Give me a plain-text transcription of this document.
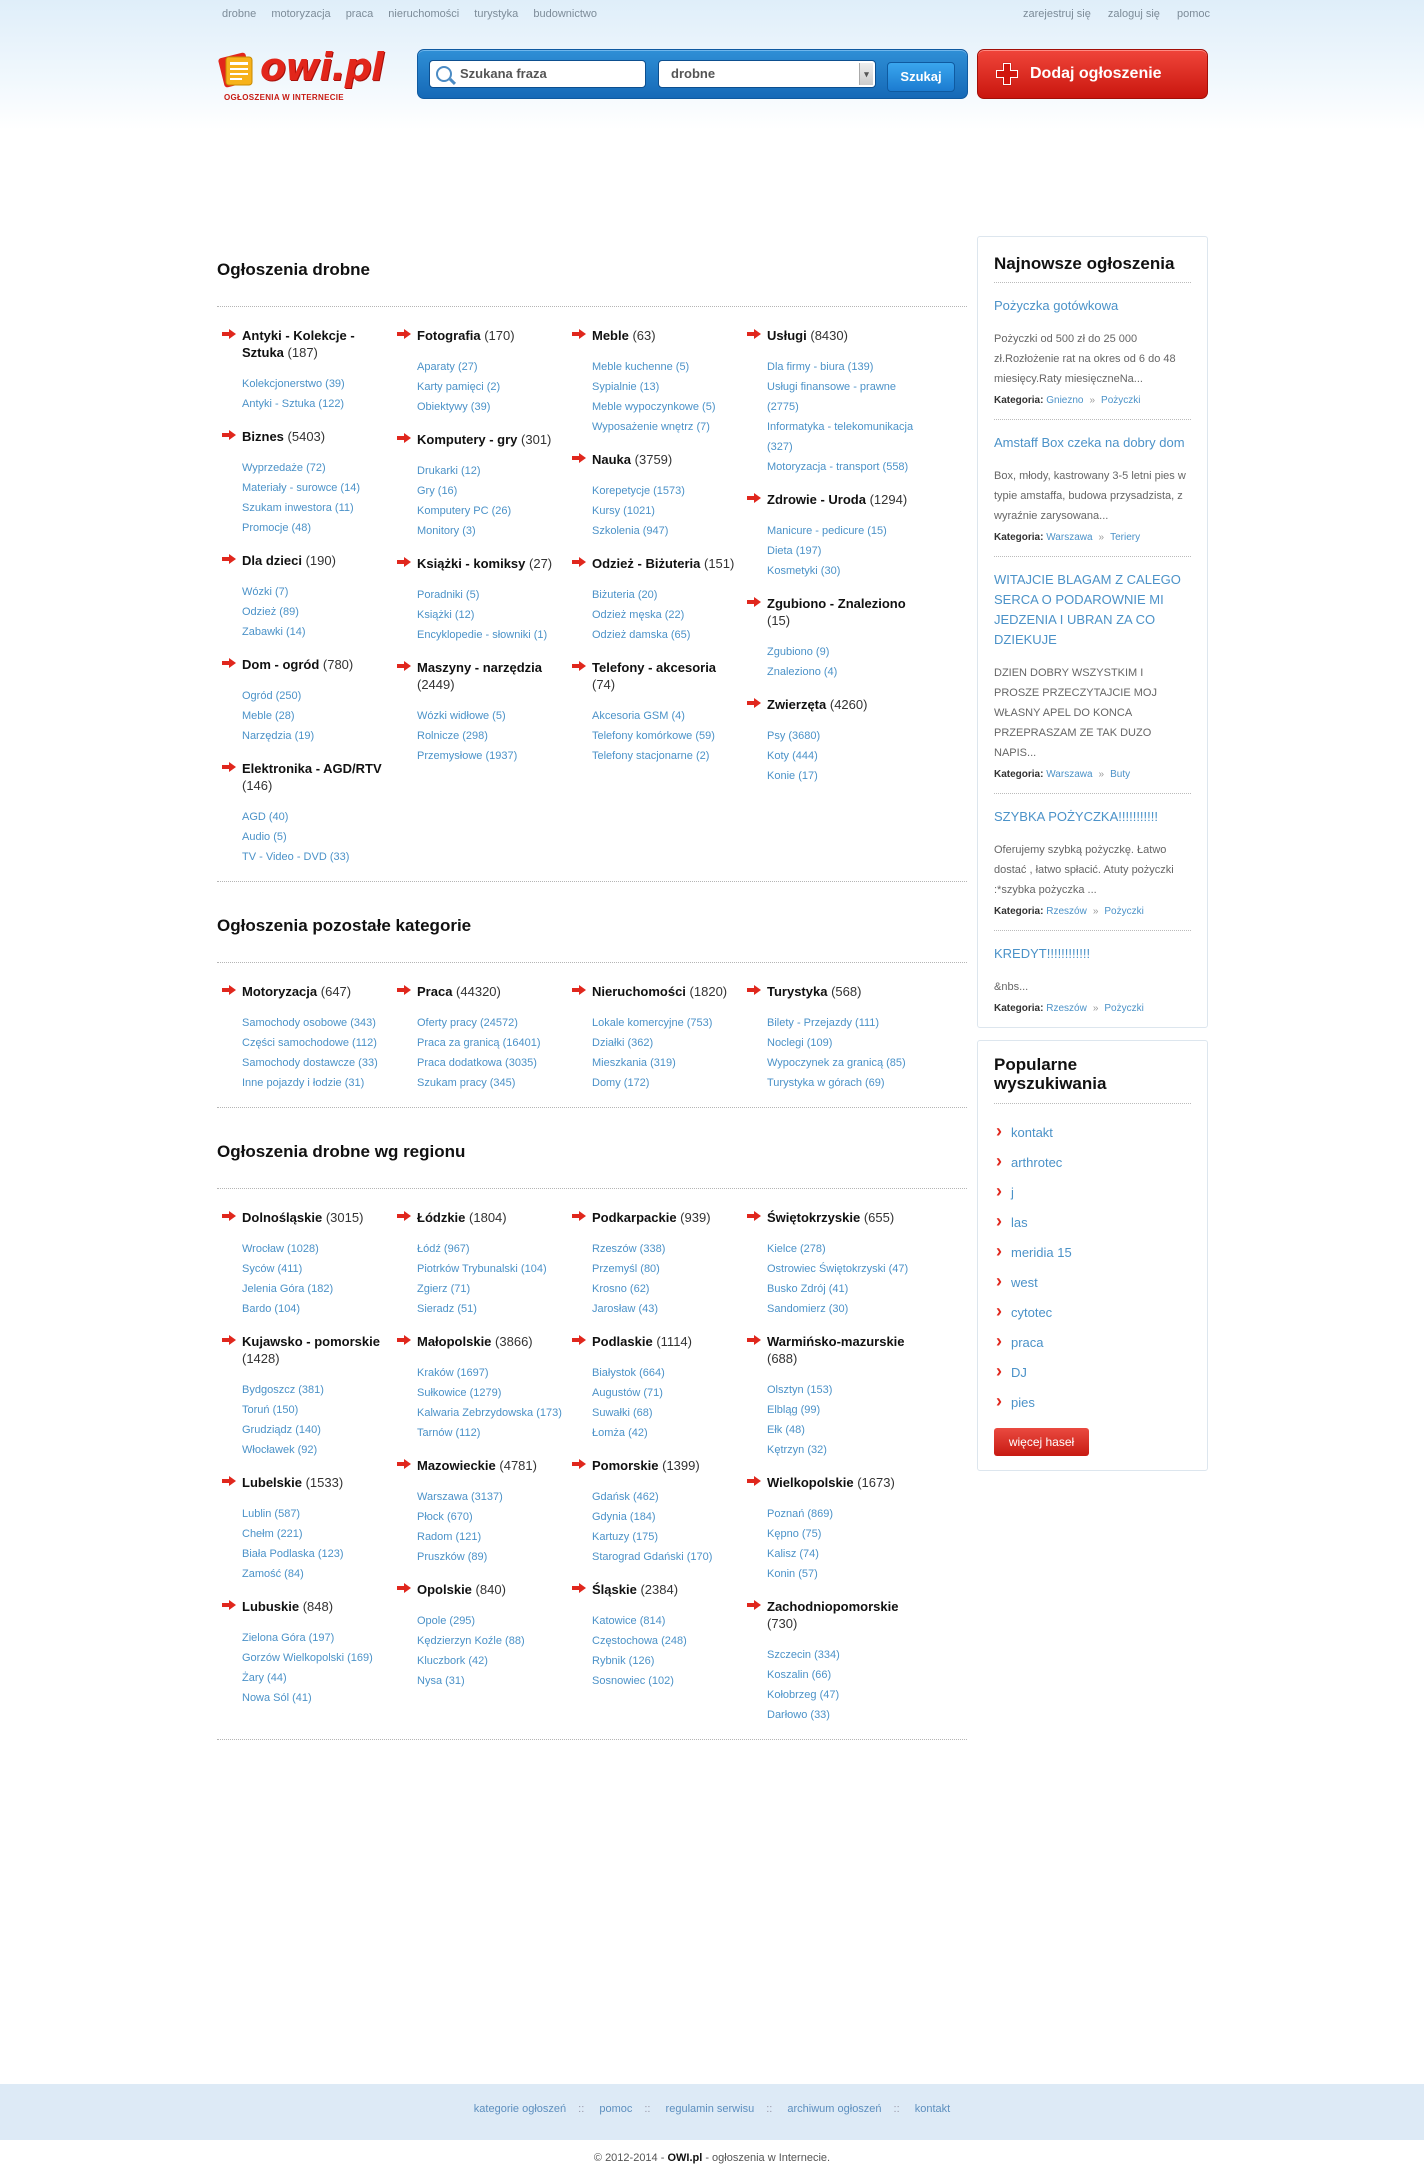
drobne motoryzacja praca nieruchomości turystyka budownictwo	zarejestruj się zaloguj się pomoc
owi.pl
OGŁOSZENIA W INTERNECIE
Szukana fraza	drobne	▾	Szukaj	Dodaj ogłoszenie
Ogłoszenia drobne
Antyki - Kolekcje - Sztuka (187)
Kolekcjonerstwo (39)
Antyki - Sztuka (122)
Biznes (5403)
Wyprzedaże (72)
Materiały - surowce (14)
Szukam inwestora (11)
Promocje (48)
Dla dzieci (190)
Wózki (7)
Odzież (89)
Zabawki (14)
Dom - ogród (780)
Ogród (250)
Meble (28)
Narzędzia (19)
Elektronika - AGD/RTV (146)
AGD (40)
Audio (5)
TV - Video - DVD (33)
Fotografia (170)
Aparaty (27)
Karty pamięci (2)
Obiektywy (39)
Komputery - gry (301)
Drukarki (12)
Gry (16)
Komputery PC (26)
Monitory (3)
Książki - komiksy (27)
Poradniki (5)
Książki (12)
Encyklopedie - słowniki (1)
Maszyny - narzędzia (2449)
Wózki widłowe (5)
Rolnicze (298)
Przemysłowe (1937)
Meble (63)
Meble kuchenne (5)
Sypialnie (13)
Meble wypoczynkowe (5)
Wyposażenie wnętrz (7)
Nauka (3759)
Korepetycje (1573)
Kursy (1021)
Szkolenia (947)
Odzież - Biżuteria (151)
Biżuteria (20)
Odzież męska (22)
Odzież damska (65)
Telefony - akcesoria (74)
Akcesoria GSM (4)
Telefony komórkowe (59)
Telefony stacjonarne (2)
Usługi (8430)
Dla firmy - biura (139)
Usługi finansowe - prawne (2775)
Informatyka - telekomunikacja (327)
Motoryzacja - transport (558)
Zdrowie - Uroda (1294)
Manicure - pedicure (15)
Dieta (197)
Kosmetyki (30)
Zgubiono - Znaleziono (15)
Zgubiono (9)
Znaleziono (4)
Zwierzęta (4260)
Psy (3680)
Koty (444)
Konie (17)
Ogłoszenia pozostałe kategorie
Motoryzacja (647)
Samochody osobowe (343)
Części samochodowe (112)
Samochody dostawcze (33)
Inne pojazdy i łodzie (31)
Praca (44320)
Oferty pracy (24572)
Praca za granicą (16401)
Praca dodatkowa (3035)
Szukam pracy (345)
Nieruchomości (1820)
Lokale komercyjne (753)
Działki (362)
Mieszkania (319)
Domy (172)
Turystyka (568)
Bilety - Przejazdy (111)
Noclegi (109)
Wypoczynek za granicą (85)
Turystyka w górach (69)
Ogłoszenia drobne wg regionu
Dolnośląskie (3015)
Wrocław (1028)
Syców (411)
Jelenia Góra (182)
Bardo (104)
Kujawsko - pomorskie (1428)
Bydgoszcz (381)
Toruń (150)
Grudziądz (140)
Włocławek (92)
Lubelskie (1533)
Lublin (587)
Chełm (221)
Biała Podlaska (123)
Zamość (84)
Lubuskie (848)
Zielona Góra (197)
Gorzów Wielkopolski (169)
Żary (44)
Nowa Sól (41)
Łódzkie (1804)
Łódź (967)
Piotrków Trybunalski (104)
Zgierz (71)
Sieradz (51)
Małopolskie (3866)
Kraków (1697)
Sułkowice (1279)
Kalwaria Zebrzydowska (173)
Tarnów (112)
Mazowieckie (4781)
Warszawa (3137)
Płock (670)
Radom (121)
Pruszków (89)
Opolskie (840)
Opole (295)
Kędzierzyn Koźle (88)
Kluczbork (42)
Nysa (31)
Podkarpackie (939)
Rzeszów (338)
Przemyśl (80)
Krosno (62)
Jarosław (43)
Podlaskie (1114)
Białystok (664)
Augustów (71)
Suwałki (68)
Łomża (42)
Pomorskie (1399)
Gdańsk (462)
Gdynia (184)
Kartuzy (175)
Starograd Gdański (170)
Śląskie (2384)
Katowice (814)
Częstochowa (248)
Rybnik (126)
Sosnowiec (102)
Świętokrzyskie (655)
Kielce (278)
Ostrowiec Świętokrzyski (47)
Busko Zdrój (41)
Sandomierz (30)
Warmińsko-mazurskie (688)
Olsztyn (153)
Elbląg (99)
Ełk (48)
Kętrzyn (32)
Wielkopolskie (1673)
Poznań (869)
Kępno (75)
Kalisz (74)
Konin (57)
Zachodniopomorskie (730)
Szczecin (334)
Koszalin (66)
Kołobrzeg (47)
Darłowo (33)
Najnowsze ogłoszenia
Pożyczka gotówkowa
Pożyczki od 500 zł do 25 000 zł.Rozłożenie rat na okres od 6 do 48 miesięcy.Raty miesięczneNa...
Kategoria: Gniezno » Pożyczki
Amstaff Box czeka na dobry dom
Box, młody, kastrowany 3-5 letni pies w typie amstaffa, budowa przysadzista, z wyraźnie zarysowana...
Kategoria: Warszawa » Teriery
WITAJCIE BLAGAM Z CALEGO SERCA O PODAROWNIE MI JEDZENIA I UBRAN ZA CO DZIEKUJE
DZIEN DOBRY WSZYSTKIM I PROSZE PRZECZYTAJCIE MOJ WŁASNY APEL DO KONCA PRZEPRASZAM ZE TAK DUZO NAPIS...
Kategoria: Warszawa » Buty
SZYBKA POŻYCZKA!!!!!!!!!!!
Oferujemy szybką pożyczkę. Łatwo dostać , łatwo spłacić. Atuty pożyczki :*szybka pożyczka ...
Kategoria: Rzeszów » Pożyczki
KREDYT!!!!!!!!!!!!
&nbs...
Kategoria: Rzeszów » Pożyczki
Popularne wyszukiwania
› kontakt
› arthrotec
› j
› las
› meridia 15
› west
› cytotec
› praca
› DJ
› pies
więcej haseł
kategorie ogłoszeń :: pomoc :: regulamin serwisu :: archiwum ogłoszeń :: kontakt
© 2012-2014 - OWI.pl - ogłoszenia w Internecie.
